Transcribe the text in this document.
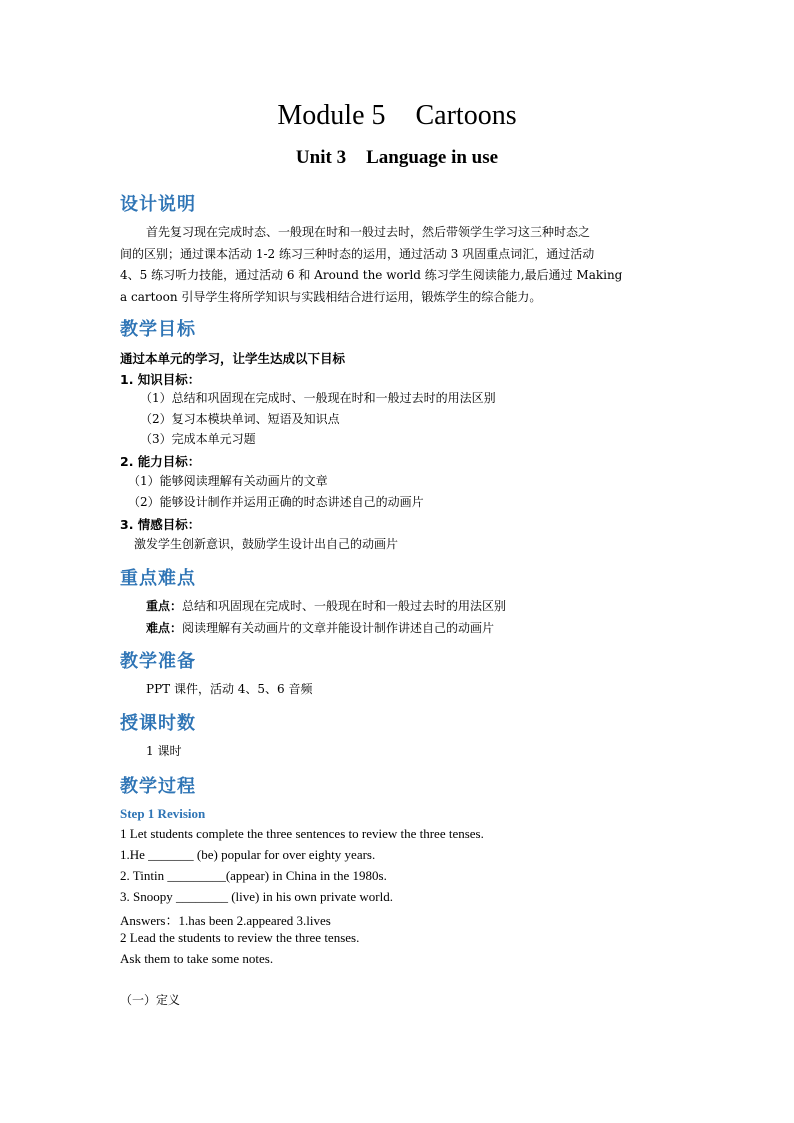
Module 5 Cartoons
Unit 3 Language in use
设计说明
首先复习现在完成时态、一般现在时和一般过去时，然后带领学生学习这三种时态之
间的区别；通过课本活动 1-2 练习三种时态的运用，通过活动 3 巩固重点词汇，通过活动
4、5 练习听力技能，通过活动 6 和 Around the world 练习学生阅读能力,最后通过 Making
a cartoon 引导学生将所学知识与实践相结合进行运用，锻炼学生的综合能力。
教学目标
通过本单元的学习，让学生达成以下目标
1. 知识目标：
（1）总结和巩固现在完成时、一般现在时和一般过去时的用法区别
（2）复习本模块单词、短语及知识点
（3）完成本单元习题
2. 能力目标：
（1）能够阅读理解有关动画片的文章
（2）能够设计制作并运用正确的时态讲述自己的动画片
3. 情感目标：
激发学生创新意识，鼓励学生设计出自己的动画片
重点难点
重点：总结和巩固现在完成时、一般现在时和一般过去时的用法区别
难点：阅读理解有关动画片的文章并能设计制作讲述自己的动画片
教学准备
PPT 课件，活动 4、5、6 音频
授课时数
1 课时
教学过程
Step 1 Revision
1 Let students complete the three sentences to review the three tenses.
1.He _______ (be) popular for over eighty years.
2. Tintin _________(appear) in China in the 1980s.
3. Snoopy ________ (live) in his own private world.
Answers：1.has been 2.appeared 3.lives
2 Lead the students to review the three tenses.
Ask them to take some notes.
（一）定义
